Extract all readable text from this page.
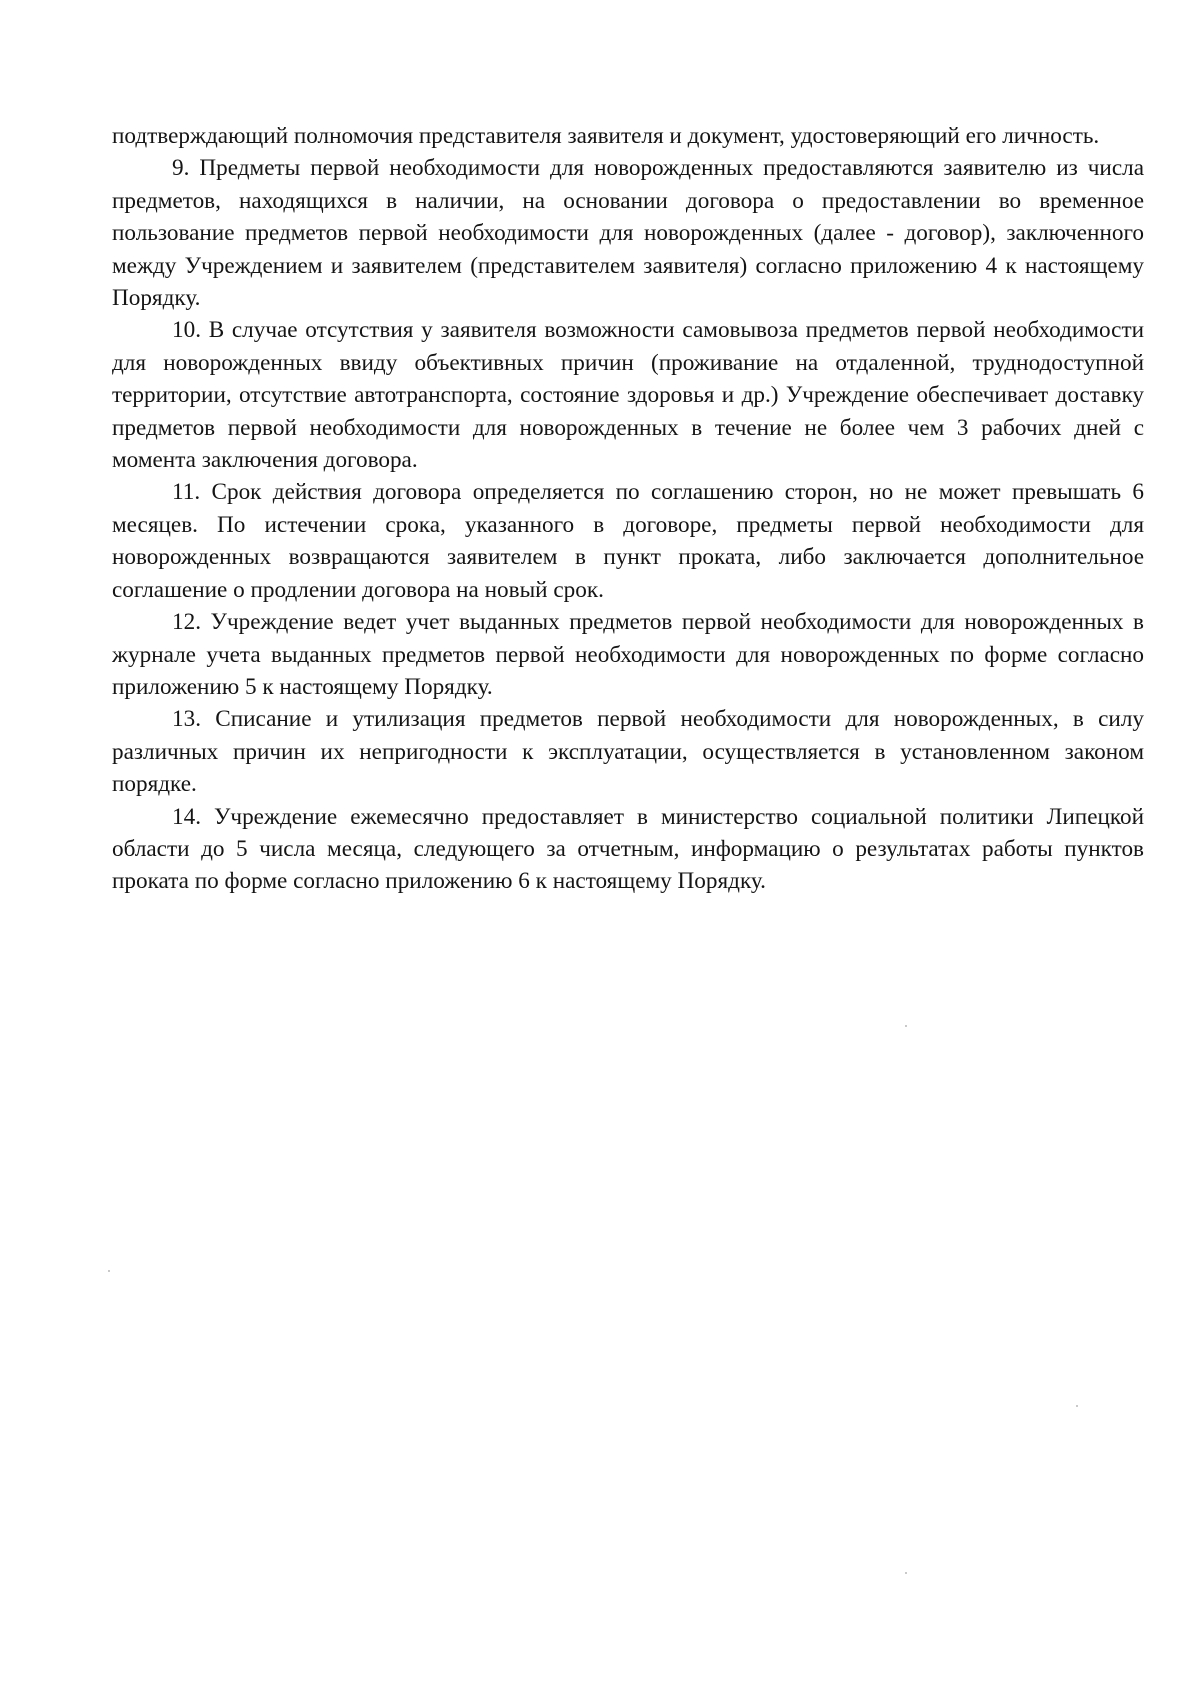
подтверждающий полномочия представителя заявителя и документ, удостоверяющий его личность.

9. Предметы первой необходимости для новорожденных предоставляются заявителю из числа предметов, находящихся в наличии, на основании договора о предоставлении во временное пользование предметов первой необходимости для новорожденных (далее - договор), заключенного между Учреждением и заявителем (представителем заявителя) согласно приложению 4 к настоящему Порядку.

10. В случае отсутствия у заявителя возможности самовывоза предметов первой необходимости для новорожденных ввиду объективных причин (проживание на отдаленной, труднодоступной территории, отсутствие автотранспорта, состояние здоровья и др.) Учреждение обеспечивает доставку предметов первой необходимости для новорожденных в течение не более чем 3 рабочих дней с момента заключения договора.

11. Срок действия договора определяется по соглашению сторон, но не может превышать 6 месяцев. По истечении срока, указанного в договоре, предметы первой необходимости для новорожденных возвращаются заявителем в пункт проката, либо заключается дополнительное соглашение о продлении договора на новый срок.

12. Учреждение ведет учет выданных предметов первой необходимости для новорожденных в журнале учета выданных предметов первой необходимости для новорожденных по форме согласно приложению 5 к настоящему Порядку.

13. Списание и утилизация предметов первой необходимости для новорожденных, в силу различных причин их непригодности к эксплуатации, осуществляется в установленном законом порядке.

14. Учреждение ежемесячно предоставляет в министерство социальной политики Липецкой области до 5 числа месяца, следующего за отчетным, информацию о результатах работы пунктов проката по форме согласно приложению 6 к настоящему Порядку.
